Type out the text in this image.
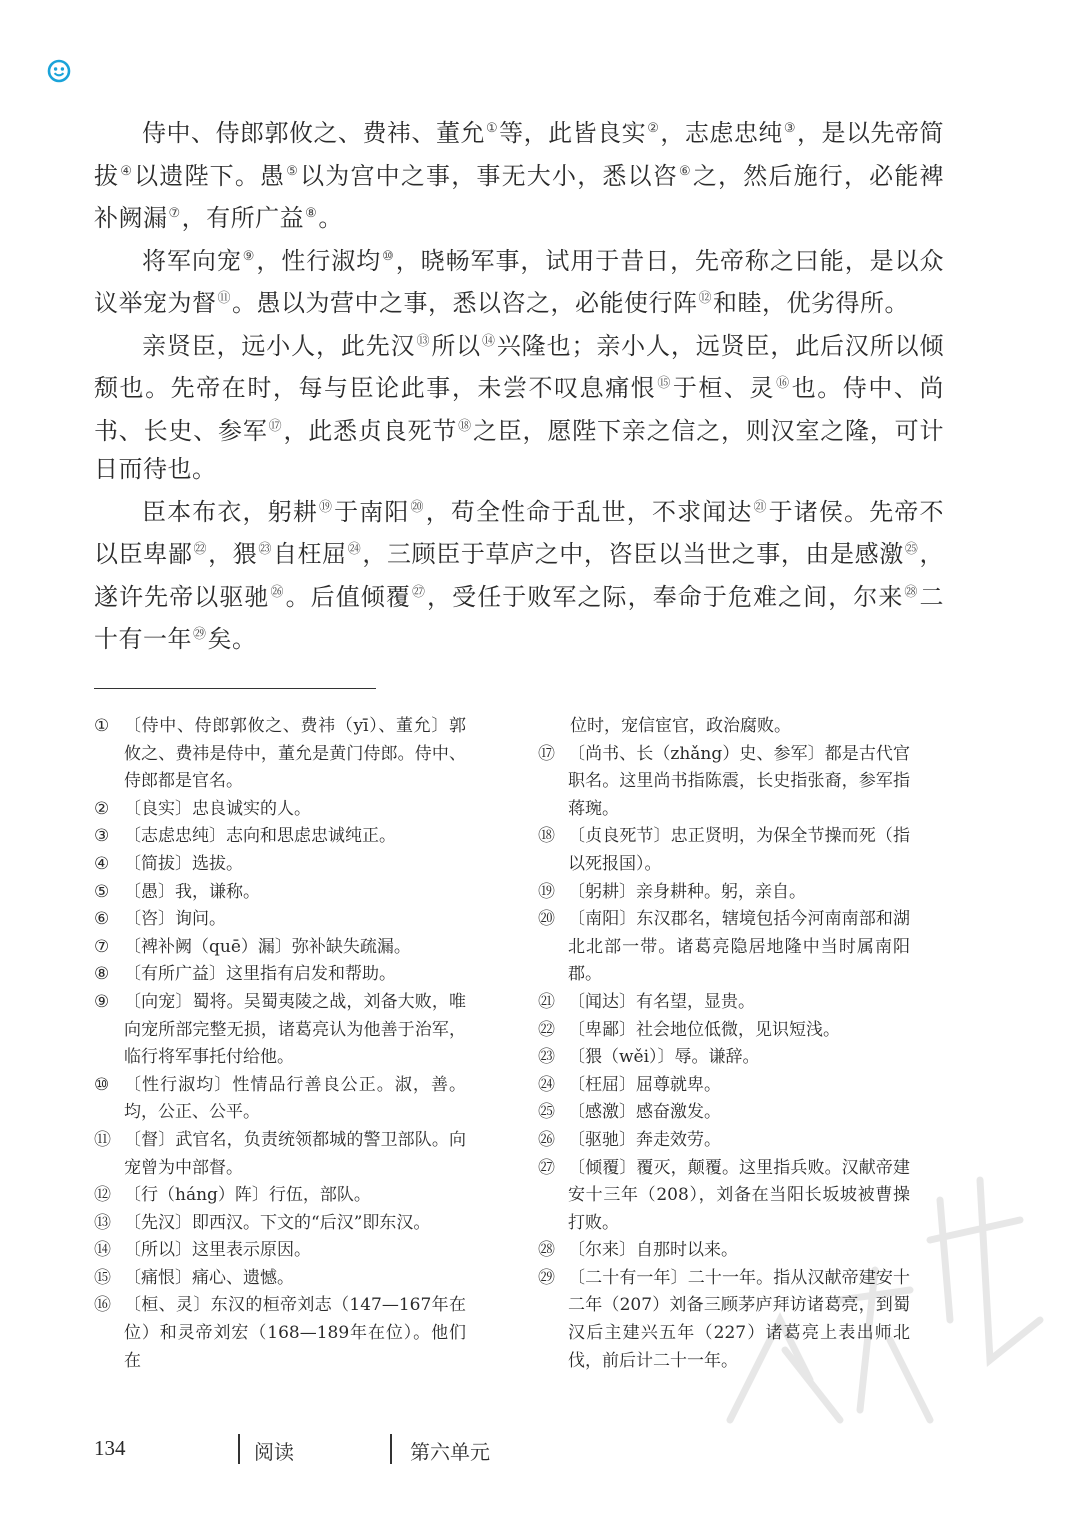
侍中、侍郎郭攸之、费祎、董允①等，此皆良实②，志虑忠纯③，是以先帝简拔④以遗陛下。愚⑤以为宫中之事，事无大小，悉以咨⑥之，然后施行，必能裨补阙漏⑦，有所广益⑧。

将军向宠⑨，性行淑均⑩，晓畅军事，试用于昔日，先帝称之曰能，是以众议举宠为督⑪。愚以为营中之事，悉以咨之，必能使行阵⑫和睦，优劣得所。

亲贤臣，远小人，此先汉⑬所以⑭兴隆也；亲小人，远贤臣，此后汉所以倾颓也。先帝在时，每与臣论此事，未尝不叹息痛恨⑮于桓、灵⑯也。侍中、尚书、长史、参军⑰，此悉贞良死节⑱之臣，愿陛下亲之信之，则汉室之隆，可计日而待也。

臣本布衣，躬耕⑲于南阳⑳，苟全性命于乱世，不求闻达$^㉑$于诸侯。先帝不以臣卑鄙$^㉒$，猥$^㉓$自枉屈$^㉔$，三顾臣于草庐之中，咨臣以当世之事，由是感激$^㉕$，遂许先帝以驱驰$^㉖$。后值倾覆$^㉗$，受任于败军之际，奉命于危难之间，尔来$^㉘$二十有一年$^㉙$矣。

① 〔侍中、侍郎郭攸之、费祎（yī）、董允〕郭攸之、费祎是侍中，董允是黄门侍郎。侍中、侍郎都是官名。

② 〔良实〕忠良诚实的人。

③ 〔志虑忠纯〕志向和思虑忠诚纯正。

④ 〔简拔〕选拔。

⑤ 〔愚〕我，谦称。

⑥ 〔咨〕询问。

⑦ 〔裨补阙（quē）漏〕弥补缺失疏漏。

⑧ 〔有所广益〕这里指有启发和帮助。

⑨ 〔向宠〕蜀将。吴蜀夷陵之战，刘备大败，唯向宠所部完整无损，诸葛亮认为他善于治军，临行将军事托付给他。

⑩ 〔性行淑均〕性情品行善良公正。淑，善。均，公正、公平。

⑪ 〔督〕武官名，负责统领都城的警卫部队。向宠曾为中部督。

⑫ 〔行（háng）阵〕行伍，部队。

⑬ 〔先汉〕即西汉。下文的“后汉”即东汉。

⑭ 〔所以〕这里表示原因。

⑮ 〔痛恨〕痛心、遗憾。

⑯ 〔桓、灵〕东汉的桓帝刘志（147—167年在位）和灵帝刘宏（168—189年在位）。他们在

位时，宠信宦官，政治腐败。

⑰ 〔尚书、长（zhǎng）史、参军〕都是古代官职名。这里尚书指陈震，长史指张裔，参军指蒋琬。

⑱ 〔贞良死节〕忠正贤明，为保全节操而死（指以死报国）。

⑲ 〔躬耕〕亲身耕种。躬，亲自。

⑳ 〔南阳〕东汉郡名，辖境包括今河南南部和湖北北部一带。诸葛亮隐居地隆中当时属南阳郡。

㉑ 〔闻达〕有名望，显贵。

㉒ 〔卑鄙〕社会地位低微，见识短浅。

㉓ 〔猥（wěi）〕辱。谦辞。

㉔ 〔枉屈〕屈尊就卑。

㉕ 〔感激〕感奋激发。

㉖ 〔驱驰〕奔走效劳。

㉗ 〔倾覆〕覆灭，颠覆。这里指兵败。汉献帝建安十三年（208），刘备在当阳长坂坡被曹操打败。

㉘ 〔尔来〕自那时以来。

㉙ 〔二十有一年〕二十一年。指从汉献帝建安十二年（207）刘备三顾茅庐拜访诸葛亮，到蜀汉后主建兴五年（227）诸葛亮上表出师北伐，前后计二十一年。

134	阅读	第六单元
